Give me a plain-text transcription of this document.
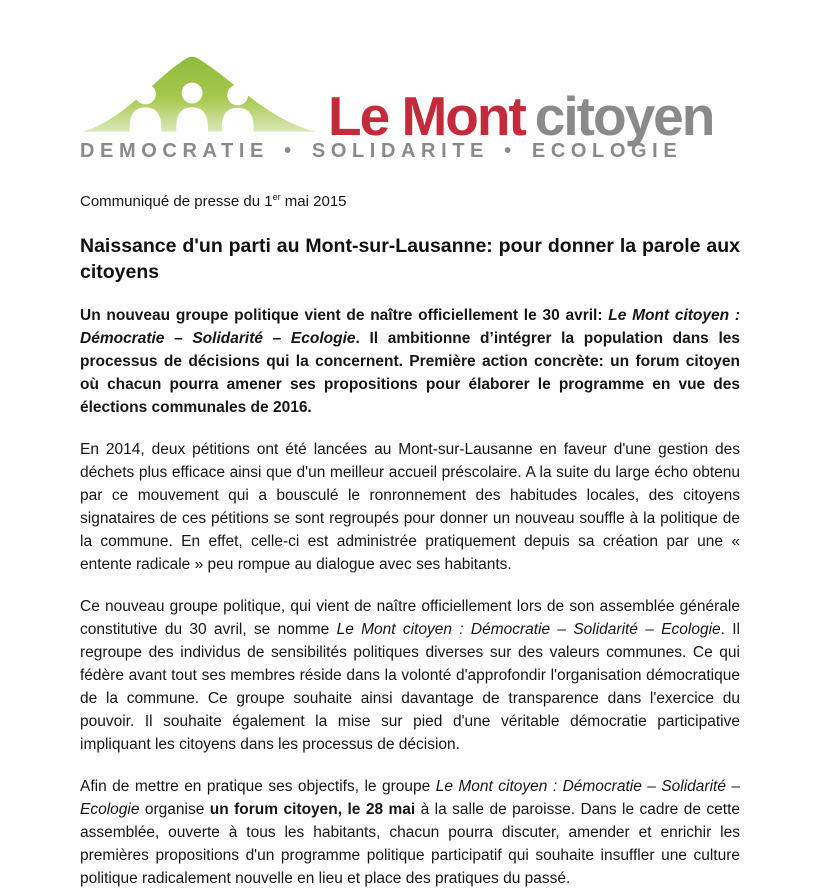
Le Mont citoyen
DEMOCRATIE • SOLIDARITE • ECOLOGIE
Communiqué de presse du 1er mai 2015
Naissance d'un parti au Mont-sur-Lausanne: pour donner la parole aux citoyens

Un nouveau groupe politique vient de naître officiellement le 30 avril: Le Mont citoyen : Démocratie – Solidarité – Ecologie. Il ambitionne d’intégrer la population dans les processus de décisions qui la concernent. Première action concrète: un forum citoyen où chacun pourra amener ses propositions pour élaborer le programme en vue des élections communales de 2016.

En 2014, deux pétitions ont été lancées au Mont-sur-Lausanne en faveur d'une gestion des déchets plus efficace ainsi que d'un meilleur accueil préscolaire. A la suite du large écho obtenu par ce mouvement qui a bousculé le ronronnement des habitudes locales, des citoyens signataires de ces pétitions se sont regroupés pour donner un nouveau souffle à la politique de la commune. En effet, celle-ci est administrée pratiquement depuis sa création par une « entente radicale » peu rompue au dialogue avec ses habitants.

Ce nouveau groupe politique, qui vient de naître officiellement lors de son assemblée générale constitutive du 30 avril, se nomme Le Mont citoyen : Démocratie – Solidarité – Ecologie. Il regroupe des individus de sensibilités politiques diverses sur des valeurs communes. Ce qui fédère avant tout ses membres réside dans la volonté d'approfondir l'organisation démocratique de la commune. Ce groupe souhaite ainsi davantage de transparence dans l'exercice du pouvoir. Il souhaite également la mise sur pied d'une véritable démocratie participative impliquant les citoyens dans les processus de décision.

Afin de mettre en pratique ses objectifs, le groupe Le Mont citoyen : Démocratie – Solidarité – Ecologie organise un forum citoyen, le 28 mai à la salle de paroisse. Dans le cadre de cette assemblée, ouverte à tous les habitants, chacun pourra discuter, amender et enrichir les premières propositions d'un programme politique participatif qui souhaite insuffler une culture politique radicalement nouvelle en lieu et place des pratiques du passé.
